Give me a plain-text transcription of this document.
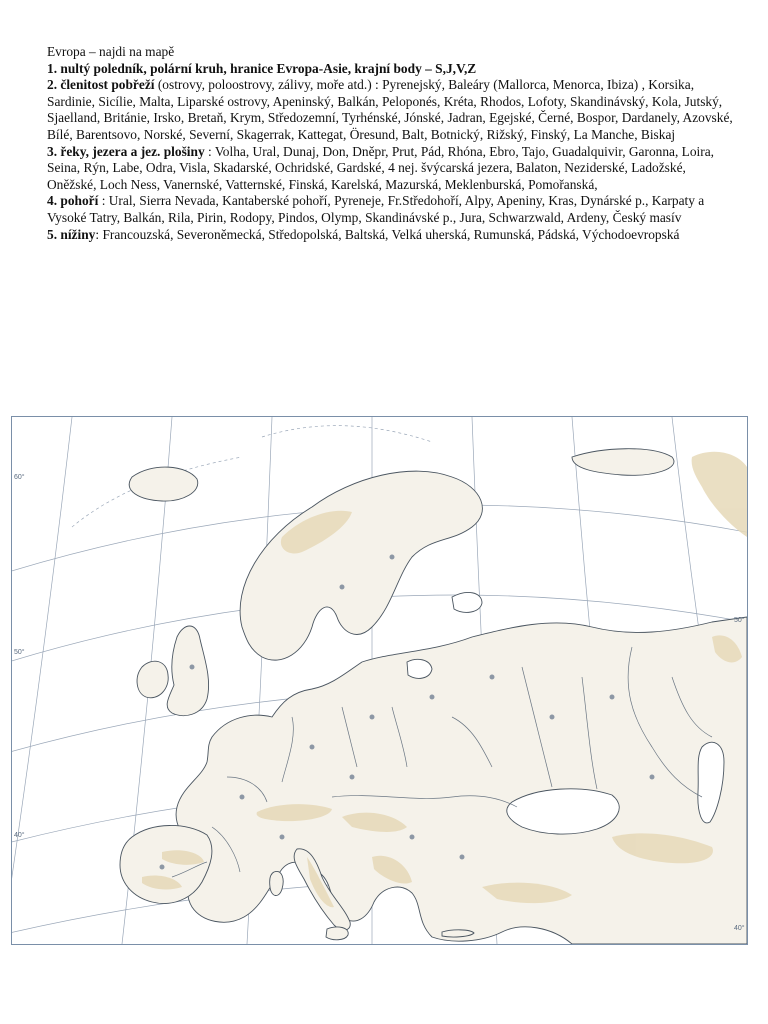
Evropa – najdi na mapě

1. nultý poledník, polární kruh, hranice Evropa-Asie, krajní body – S,J,V,Z

2. členitost pobřeží (ostrovy, poloostrovy, zálivy, moře atd.) : Pyrenejský, Baleáry (Mallorca, Menorca, Ibiza) , Korsika, Sardinie, Sicílie, Malta, Liparské ostrovy, Apeninský, Balkán, Peloponés, Kréta, Rhodos, Lofoty, Skandinávský, Kola, Jutský, Sjaelland, Británie, Irsko, Bretaň, Krym, Středozemní, Tyrhénské, Jónské, Jadran, Egejské, Černé, Bospor, Dardanely, Azovské, Bílé, Barentsovo, Norské, Severní, Skagerrak, Kattegat, Öresund, Balt, Botnický, Rižský, Finský, La Manche, Biskaj

3. řeky, jezera a jez. plošiny : Volha, Ural, Dunaj, Don, Dněpr, Prut, Pád, Rhóna, Ebro, Tajo, Guadalquivir, Garonna, Loira, Seina, Rýn, Labe, Odra, Visla, Skadarské, Ochridské, Gardské, 4 nej. švýcarská jezera, Balaton, Neziderské, Ladožské, Oněžské, Loch Ness, Vanernské, Vatternské, Finská, Karelská, Mazurská, Meklenburská, Pomořanská,

4. pohoří : Ural, Sierra Nevada, Kantaberské pohoří, Pyreneje, Fr.Středohoří, Alpy, Apeniny, Kras, Dynárské p., Karpaty a Vysoké Tatry, Balkán, Rila, Pirin, Rodopy, Pindos, Olymp, Skandinávské p., Jura, Schwarzwald, Ardeny, Český masív

5. nížiny: Francouzská, Severoněmecká, Středopolská, Baltská, Velká uherská, Rumunská, Pádská, Východoevropská

60°
50°
40°
50°
40°
